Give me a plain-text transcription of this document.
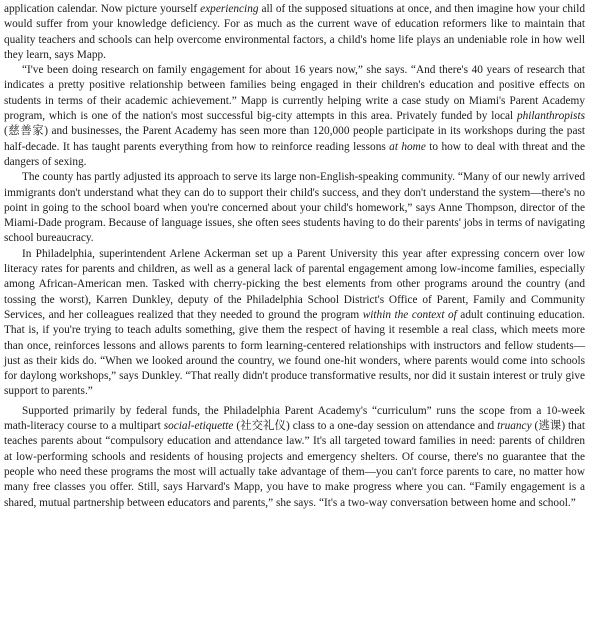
application calendar. Now picture yourself experiencing all of the supposed situations at once, and then imagine how your child would suffer from your knowledge deficiency. For as much as the current wave of education reformers like to maintain that quality teachers and schools can help overcome environmental factors, a child's home life plays an undeniable role in how well they learn, says Mapp.

“I've been doing research on family engagement for about 16 years now,” she says. “And there's 40 years of research that indicates a pretty positive relationship between families being engaged in their children's education and positive effects on students in terms of their academic achievement.” Mapp is currently helping write a case study on Miami's Parent Academy program, which is one of the nation's most successful big-city attempts in this area. Privately funded by local philanthropists (慈善家) and businesses, the Parent Academy has seen more than 120,000 people participate in its workshops during the past half-decade. It has taught parents everything from how to reinforce reading lessons at home to how to deal with threat and the dangers of sexing.

The county has partly adjusted its approach to serve its large non-English-speaking community. “Many of our newly arrived immigrants don't understand what they can do to support their child's success, and they don't understand the system—there's no point in going to the school board when you're concerned about your child's homework,” says Anne Thompson, director of the Miami-Dade program. Because of language issues, she often sees students having to do their parents' jobs in terms of navigating school bureaucracy.

In Philadelphia, superintendent Arlene Ackerman set up a Parent University this year after expressing concern over low literacy rates for parents and children, as well as a general lack of parental engagement among low-income families, especially among African-American men. Tasked with cherry-picking the best elements from other programs around the country (and tossing the worst), Karren Dunkley, deputy of the Philadelphia School District's Office of Parent, Family and Community Services, and her colleagues realized that they needed to ground the program within the context of adult continuing education. That is, if you're trying to teach adults something, give them the respect of having it resemble a real class, which meets more than once, reinforces lessons and allows parents to form learning-centered relationships with instructors and fellow students—just as their kids do. “When we looked around the country, we found one-hit wonders, where parents would come into schools for daylong workshops,” says Dunkley. “That really didn't produce transformative results, nor did it sustain interest or truly give support to parents.”

Supported primarily by federal funds, the Philadelphia Parent Academy's “curriculum” runs the scope from a 10-week math-literacy course to a multipart social-etiquette (社交礼仪) class to a one-day session on attendance and truancy (逃课) that teaches parents about “compulsory education and attendance law.” It's all targeted toward families in need: parents of children at low-performing schools and residents of housing projects and emergency shelters. Of course, there's no guarantee that the people who need these programs the most will actually take advantage of them—you can't force parents to care, no matter how many free classes you offer. Still, says Harvard's Mapp, you have to make progress where you can. “Family engagement is a shared, mutual partnership between educators and parents,” she says. “It's a two-way conversation between home and school.”
